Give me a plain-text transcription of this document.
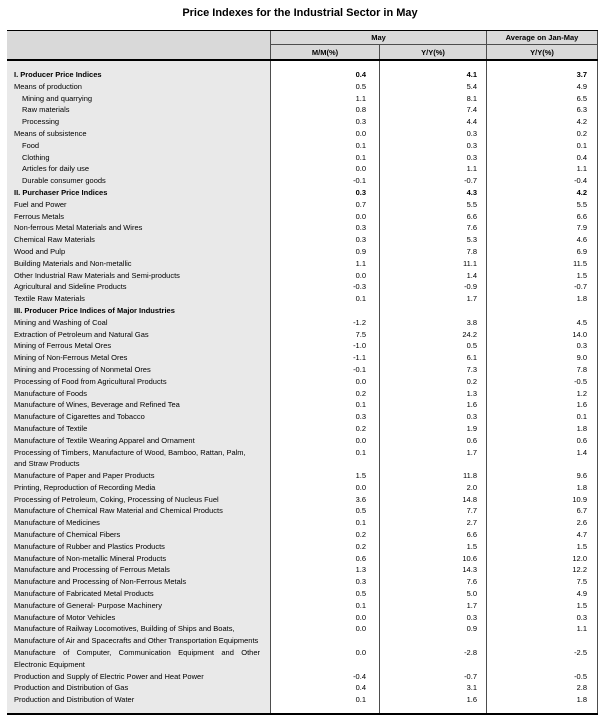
Price Indexes for the Industrial Sector in May
May	Average on Jan-May
M/M(%)	Y/Y(%)	Y/Y(%)
I. Producer Price Indices	0.4	4.1	3.7
Means of production	0.5	5.4	4.9
Mining and quarrying	1.1	8.1	6.5
Raw materials	0.8	7.4	6.3
Processing	0.3	4.4	4.2
Means of subsistence	0.0	0.3	0.2
Food	0.1	0.3	0.1
Clothing	0.1	0.3	0.4
Articles for daily use	0.0	1.1	1.1
Durable consumer goods	-0.1	-0.7	-0.4
II. Purchaser Price Indices	0.3	4.3	4.2
Fuel and Power	0.7	5.5	5.5
Ferrous Metals	0.0	6.6	6.6
Non-ferrous Metal Materials and Wires	0.3	7.6	7.9
Chemical Raw Materials	0.3	5.3	4.6
Wood and Pulp	0.9	7.8	6.9
Building Materials and Non-metallic	1.1	11.1	11.5
Other Industrial Raw Materials and Semi-products	0.0	1.4	1.5
Agricultural and Sideline Products	-0.3	-0.9	-0.7
Textile Raw Materials	0.1	1.7	1.8
III. Producer Price Indices of Major Industries
Mining and Washing of Coal	-1.2	3.8	4.5
Extraction of Petroleum and Natural Gas	7.5	24.2	14.0
Mining of Ferrous Metal Ores	-1.0	0.5	0.3
Mining of Non-Ferrous Metal Ores	-1.1	6.1	9.0
Mining and Processing of Nonmetal Ores	-0.1	7.3	7.8
Processing of Food from Agricultural Products	0.0	0.2	-0.5
Manufacture of Foods	0.2	1.3	1.2
Manufacture of Wines, Beverage and Refined Tea	0.1	1.6	1.6
Manufacture of Cigarettes and Tobacco	0.3	0.3	0.1
Manufacture of Textile	0.2	1.9	1.8
Manufacture of Textile Wearing Apparel and Ornament	0.0	0.6	0.6
Processing of Timbers, Manufacture of Wood, Bamboo, Rattan, Palm, and Straw Products
0.1	1.7	1.4
Manufacture of Paper and Paper Products	1.5	11.8	9.6
Printing, Reproduction of Recording Media	0.0	2.0	1.8
Processing of Petroleum, Coking, Processing of Nucleus Fuel	3.6	14.8	10.9
Manufacture of Chemical Raw Material and Chemical Products	0.5	7.7	6.7
Manufacture of Medicines	0.1	2.7	2.6
Manufacture of Chemical Fibers	0.2	6.6	4.7
Manufacture of Rubber and Plastics Products	0.2	1.5	1.5
Manufacture of Non-metallic Mineral Products	0.6	10.6	12.0
Manufacture and Processing of Ferrous Metals	1.3	14.3	12.2
Manufacture and Processing of Non-Ferrous Metals	0.3	7.6	7.5
Manufacture of Fabricated Metal Products	0.5	5.0	4.9
Manufacture of General- Purpose Machinery	0.1	1.7	1.5
Manufacture of Motor Vehicles	0.0	0.3	0.3
Manufacture of Railway Locomotives, Building of Ships and Boats, Manufacture of Air and Spacecrafts and Other Transportation Equipments
0.0	0.9	1.1
Manufacture of Computer, Communication Equipment and Other Electronic Equipment
0.0	-2.8	-2.5
Production and Supply of Electric Power and Heat Power	-0.4	-0.7	-0.5
Production and Distribution of Gas	0.4	3.1	2.8
Production and Distribution of Water	0.1	1.6	1.8
